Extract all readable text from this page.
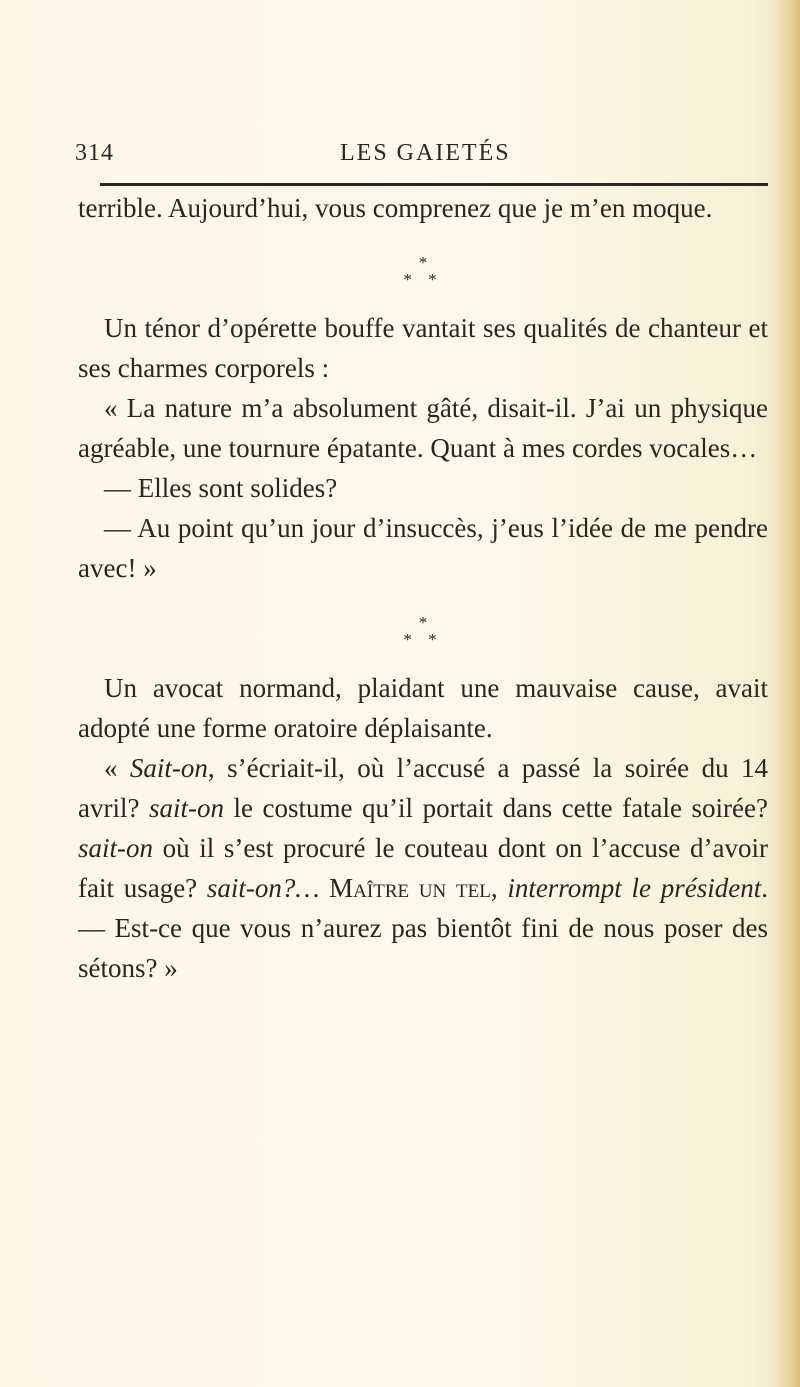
314	LES GAIETÉS

terrible. Aujourd’hui, vous comprenez que je m’en moque.

*
* *

Un ténor d’opérette bouffe vantait ses qualités de chanteur et ses charmes corporels :

« La nature m’a absolument gâté, disait-il. J’ai un physique agréable, une tournure épatante. Quant à mes cordes vocales…

— Elles sont solides?

— Au point qu’un jour d’insuccès, j’eus l’idée de me pendre avec! »

*
* *

Un avocat normand, plaidant une mauvaise cause, avait adopté une forme oratoire déplaisante.

« Sait-on, s’écriait-il, où l’accusé a passé la soirée du 14 avril? sait-on le costume qu’il portait dans cette fatale soirée? sait-on où il s’est procuré le couteau dont on l’accuse d’avoir fait usage? sait-on?… Maître un tel, interrompt le président. — Est-ce que vous n’aurez pas bientôt fini de nous poser des sétons? »
